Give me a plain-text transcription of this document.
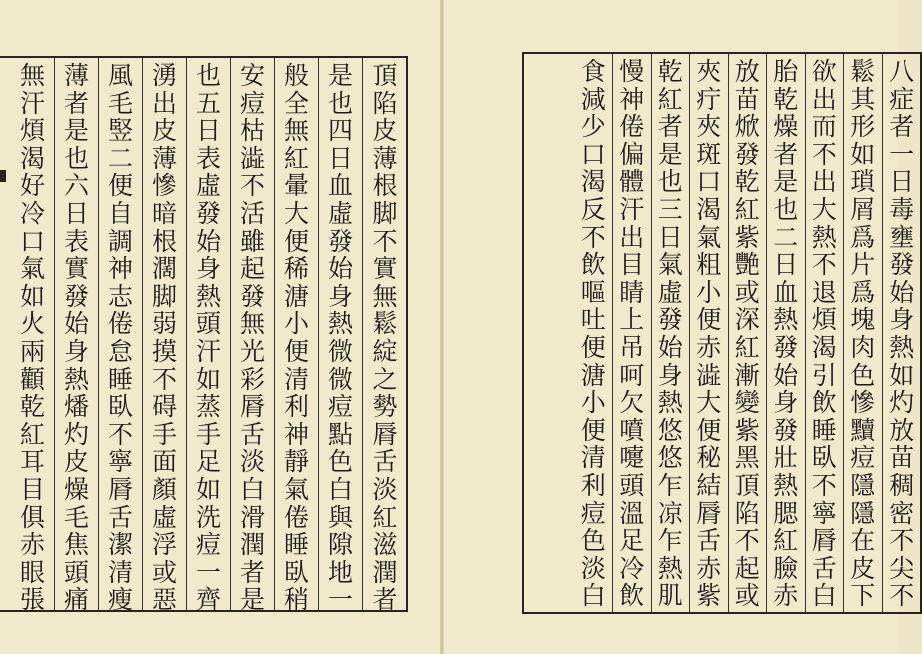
頂
陷
皮
薄
根
脚
不
實
無
鬆
綻
之
勢
脣
舌
淡
紅
滋
潤
者
是
也
四
日
血
虛
發
始
身
熱
微
微
痘
點
色
白
與
隙
地
一
般
全
無
紅
暈
大
便
稀
溏
小
便
清
利
神
靜
氣
倦
睡
臥
稍
安
痘
枯
澁
不
活
雖
起
發
無
光
彩
脣
舌
淡
白
滑
潤
者
是
也
五
日
表
虛
發
始
身
熱
頭
汗
如
蒸
手
足
如
洗
痘
一
齊
湧
出
皮
薄
慘
暗
根
濶
脚
弱
摸
不
碍
手
面
顏
虛
浮
或
惡
風
毛
竪
二
便
自
調
神
志
倦
怠
睡
臥
不
寧
脣
舌
潔
清
瘦
薄
者
是
也
六
日
表
實
發
始
身
熱
燔
灼
皮
燥
毛
焦
頭
痛
無
汗
煩
渴
好
冷
口
氣
如
火
兩
顴
乾
紅
耳
目
俱
赤
眼
張
八
症
者
一
日
毒
壅
發
始
身
熱
如
灼
放
苗
稠
密
不
尖
不
鬆
其
形
如
瑣
屑
爲
片
爲
塊
肉
色
慘
黷
痘
隱
隱
在
皮
下
欲
出
而
不
出
大
熱
不
退
煩
渴
引
飲
睡
臥
不
寧
脣
舌
白
胎
乾
燥
者
是
也
二
日
血
熱
發
始
身
發
壯
熱
腮
紅
臉
赤
放
苗
焮
發
乾
紅
紫
艷
或
深
紅
漸
變
紫
黑
頂
陷
不
起
或
夾
疔
夾
斑
口
渴
氣
粗
小
便
赤
澁
大
便
秘
結
脣
舌
赤
紫
乾
紅
者
是
也
三
日
氣
虛
發
始
身
熱
悠
悠
乍
凉
乍
熱
肌
慢
神
倦
偏
體
汗
出
目
睛
上
吊
呵
欠
噴
嚏
頭
溫
足
冷
飲
食
減
少
口
渴
反
不
飲
嘔
吐
便
溏
小
便
清
利
痘
色
淡
白
